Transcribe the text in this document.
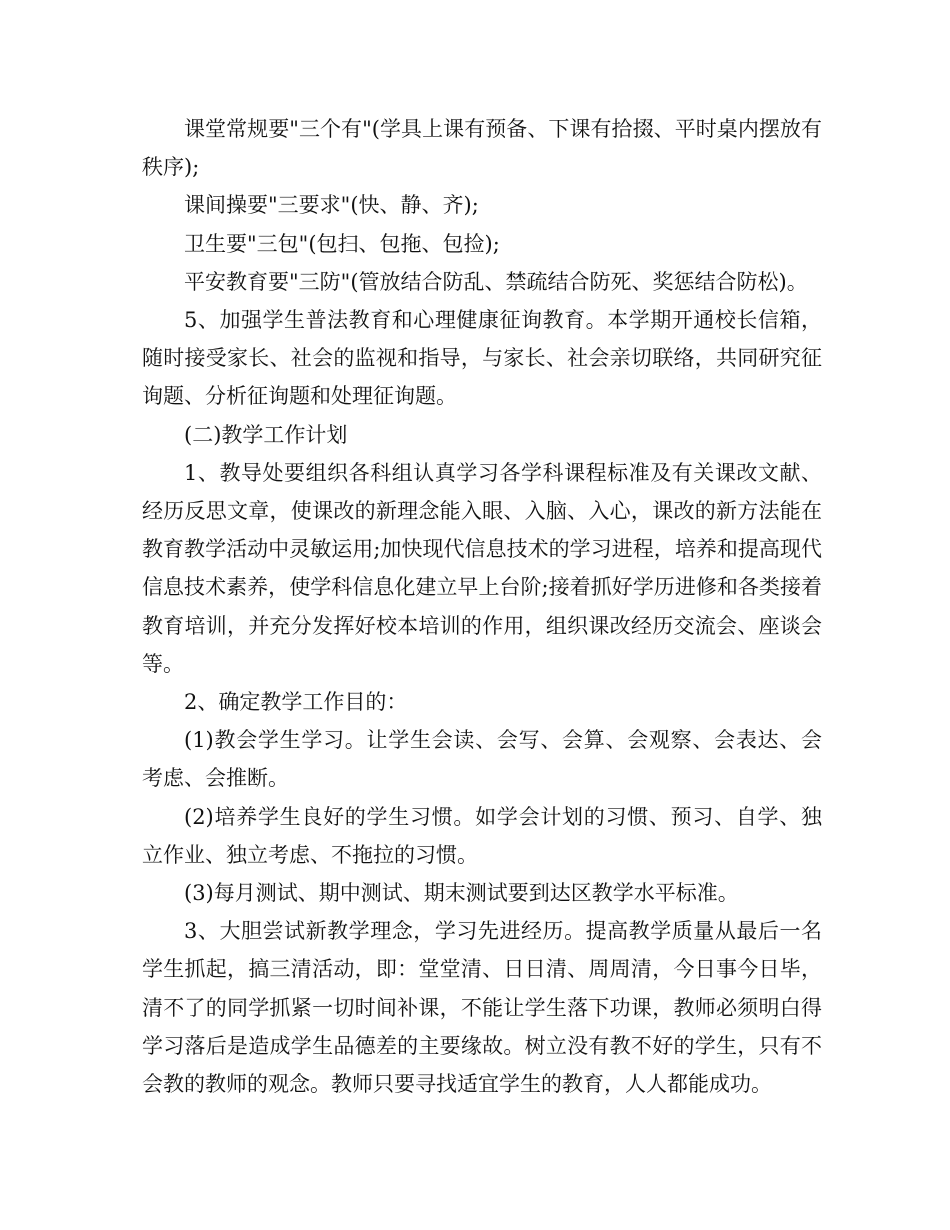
课堂常规要"三个有"(学具上课有预备、下课有拾掇、平时桌内摆放有秩序);

课间操要"三要求"(快、静、齐);

卫生要"三包"(包扫、包拖、包捡);

平安教育要"三防"(管放结合防乱、禁疏结合防死、奖惩结合防松)。

5、加强学生普法教育和心理健康征询教育。本学期开通校长信箱，随时接受家长、社会的监视和指导，与家长、社会亲切联络，共同研究征询题、分析征询题和处理征询题。

(二)教学工作计划

1、教导处要组织各科组认真学习各学科课程标准及有关课改文献、经历反思文章，使课改的新理念能入眼、入脑、入心，课改的新方法能在教育教学活动中灵敏运用;加快现代信息技术的学习进程，培养和提高现代信息技术素养，使学科信息化建立早上台阶;接着抓好学历进修和各类接着教育培训，并充分发挥好校本培训的作用，组织课改经历交流会、座谈会等。

2、确定教学工作目的：

(1)教会学生学习。让学生会读、会写、会算、会观察、会表达、会考虑、会推断。

(2)培养学生良好的学生习惯。如学会计划的习惯、预习、自学、独立作业、独立考虑、不拖拉的习惯。

(3)每月测试、期中测试、期末测试要到达区教学水平标准。

3、大胆尝试新教学理念，学习先进经历。提高教学质量从最后一名学生抓起，搞三清活动，即：堂堂清、日日清、周周清，今日事今日毕，清不了的同学抓紧一切时间补课，不能让学生落下功课，教师必须明白得学习落后是造成学生品德差的主要缘故。树立没有教不好的学生，只有不会教的教师的观念。教师只要寻找适宜学生的教育，人人都能成功。
